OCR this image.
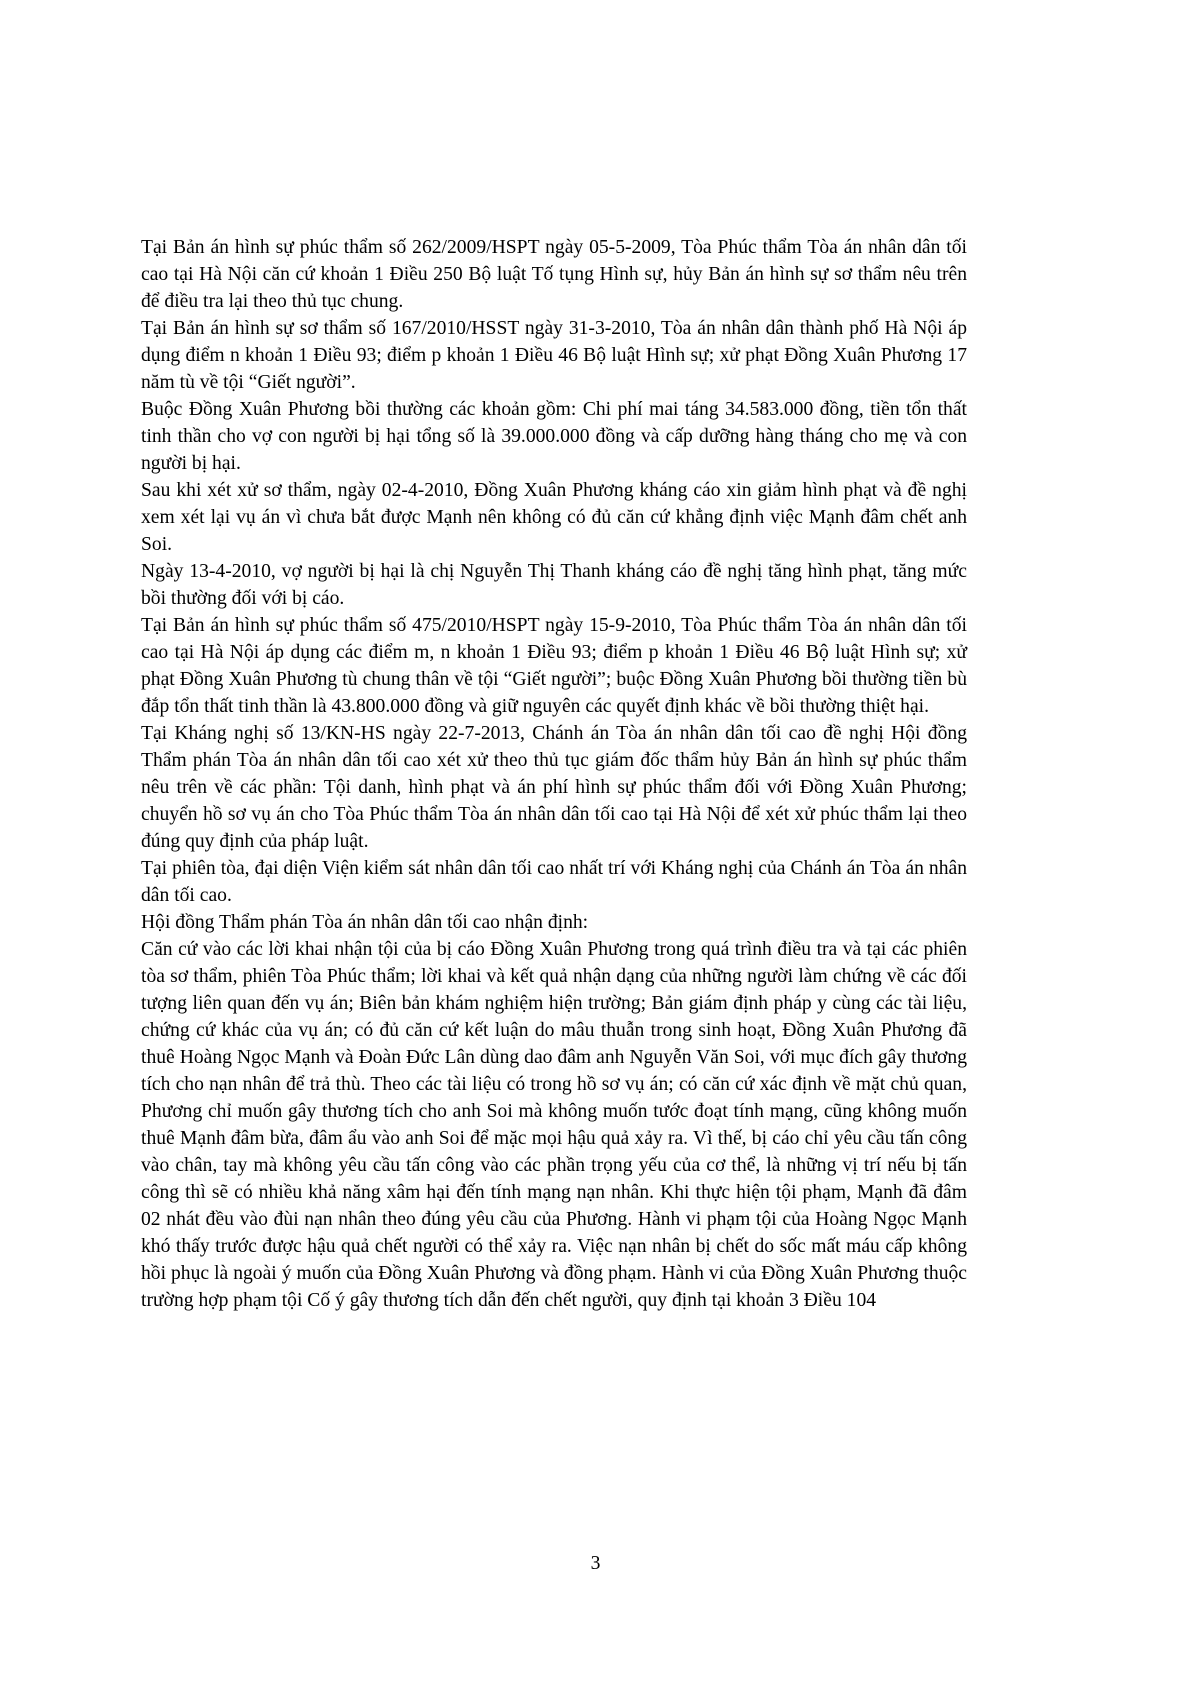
Tại Bản án hình sự phúc thẩm số 262/2009/HSPT ngày 05-5-2009, Tòa Phúc thẩm Tòa án nhân dân tối cao tại Hà Nội căn cứ khoản 1 Điều 250 Bộ luật Tố tụng Hình sự, hủy Bản án hình sự sơ thẩm nêu trên để điều tra lại theo thủ tục chung.

Tại Bản án hình sự sơ thẩm số 167/2010/HSST ngày 31-3-2010, Tòa án nhân dân thành phố Hà Nội áp dụng điểm n khoản 1 Điều 93; điểm p khoản 1 Điều 46 Bộ luật Hình sự; xử phạt Đồng Xuân Phương 17 năm tù về tội “Giết người”.

Buộc Đồng Xuân Phương bồi thường các khoản gồm: Chi phí mai táng 34.583.000 đồng, tiền tổn thất tinh thần cho vợ con người bị hại tổng số là 39.000.000 đồng và cấp dưỡng hàng tháng cho mẹ và con người bị hại.

Sau khi xét xử sơ thẩm, ngày 02-4-2010, Đồng Xuân Phương kháng cáo xin giảm hình phạt và đề nghị xem xét lại vụ án vì chưa bắt được Mạnh nên không có đủ căn cứ khẳng định việc Mạnh đâm chết anh Soi.

Ngày 13-4-2010, vợ người bị hại là chị Nguyễn Thị Thanh kháng cáo đề nghị tăng hình phạt, tăng mức bồi thường đối với bị cáo.

Tại Bản án hình sự phúc thẩm số 475/2010/HSPT ngày 15-9-2010, Tòa Phúc thẩm Tòa án nhân dân tối cao tại Hà Nội áp dụng các điểm m, n khoản 1 Điều 93; điểm p khoản 1 Điều 46 Bộ luật Hình sự; xử phạt Đồng Xuân Phương tù chung thân về tội “Giết người”; buộc Đồng Xuân Phương bồi thường tiền bù đắp tổn thất tinh thần là 43.800.000 đồng và giữ nguyên các quyết định khác về bồi thường thiệt hại.

Tại Kháng nghị số 13/KN-HS ngày 22-7-2013, Chánh án Tòa án nhân dân tối cao đề nghị Hội đồng Thẩm phán Tòa án nhân dân tối cao xét xử theo thủ tục giám đốc thẩm hủy Bản án hình sự phúc thẩm nêu trên về các phần: Tội danh, hình phạt và án phí hình sự phúc thẩm đối với Đồng Xuân Phương; chuyển hồ sơ vụ án cho Tòa Phúc thẩm Tòa án nhân dân tối cao tại Hà Nội để xét xử phúc thẩm lại theo đúng quy định của pháp luật.

Tại phiên tòa, đại diện Viện kiểm sát nhân dân tối cao nhất trí với Kháng nghị của Chánh án Tòa án nhân dân tối cao.

Hội đồng Thẩm phán Tòa án nhân dân tối cao nhận định:

Căn cứ vào các lời khai nhận tội của bị cáo Đồng Xuân Phương trong quá trình điều tra và tại các phiên tòa sơ thẩm, phiên Tòa Phúc thẩm; lời khai và kết quả nhận dạng của những người làm chứng về các đối tượng liên quan đến vụ án; Biên bản khám nghiệm hiện trường; Bản giám định pháp y cùng các tài liệu, chứng cứ khác của vụ án; có đủ căn cứ kết luận do mâu thuẫn trong sinh hoạt, Đồng Xuân Phương đã thuê Hoàng Ngọc Mạnh và Đoàn Đức Lân dùng dao đâm anh Nguyễn Văn Soi, với mục đích gây thương tích cho nạn nhân để trả thù. Theo các tài liệu có trong hồ sơ vụ án; có căn cứ xác định về mặt chủ quan, Phương chỉ muốn gây thương tích cho anh Soi mà không muốn tước đoạt tính mạng, cũng không muốn thuê Mạnh đâm bừa, đâm ẩu vào anh Soi để mặc mọi hậu quả xảy ra. Vì thế, bị cáo chỉ yêu cầu tấn công vào chân, tay mà không yêu cầu tấn công vào các phần trọng yếu của cơ thể, là những vị trí nếu bị tấn công thì sẽ có nhiều khả năng xâm hại đến tính mạng nạn nhân. Khi thực hiện tội phạm, Mạnh đã đâm 02 nhát đều vào đùi nạn nhân theo đúng yêu cầu của Phương. Hành vi phạm tội của Hoàng Ngọc Mạnh khó thấy trước được hậu quả chết người có thể xảy ra. Việc nạn nhân bị chết do sốc mất máu cấp không hồi phục là ngoài ý muốn của Đồng Xuân Phương và đồng phạm. Hành vi của Đồng Xuân Phương thuộc trường hợp phạm tội Cố ý gây thương tích dẫn đến chết người, quy định tại khoản 3 Điều 104

3
